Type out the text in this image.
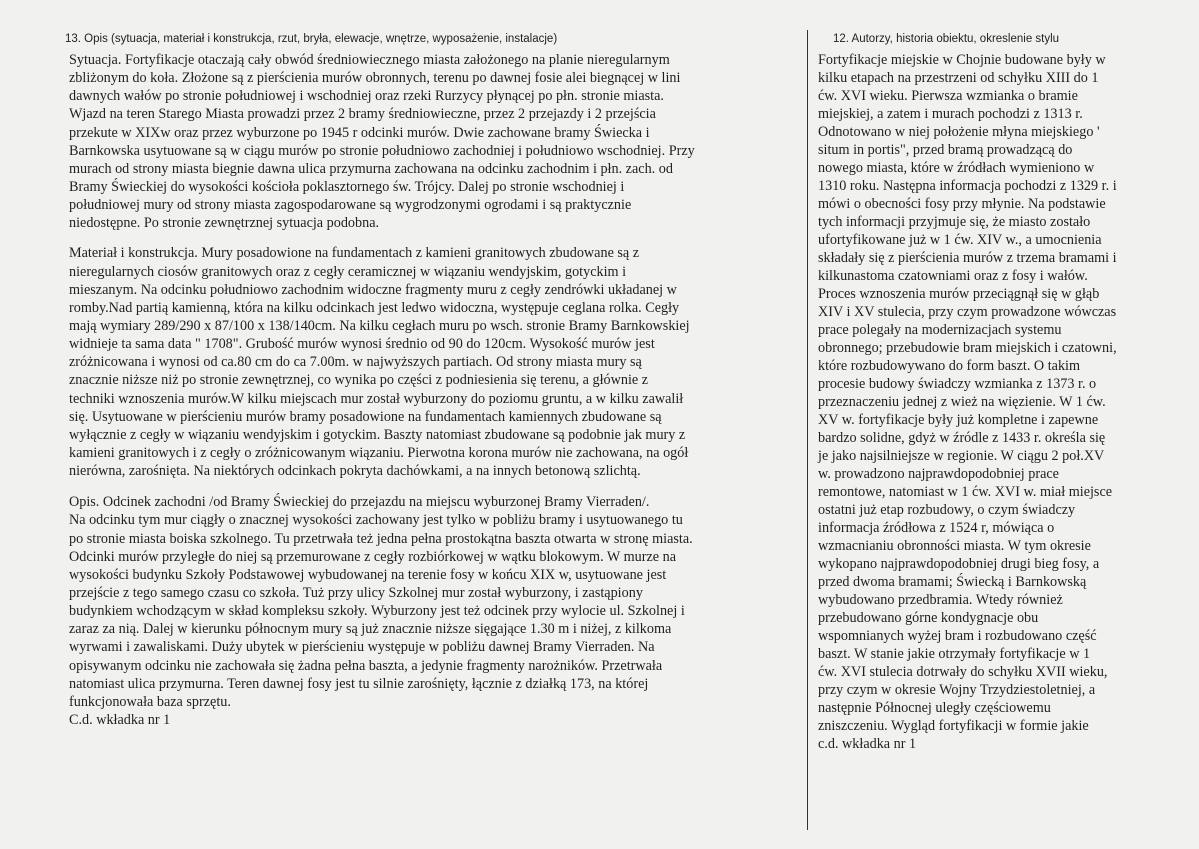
13. Opis (sytuacja, materiał i konstrukcja, rzut, bryła, elewacje, wnętrze, wyposażenie, instalacje)	12. Autorzy, historia obiektu, okreslenie stylu
Sytuacja. Fortyfikacje otaczają cały obwód średniowiecznego miasta założonego na planie nieregularnym
zbliżonym do koła. Złożone są z pierścienia murów obronnych, terenu po dawnej fosie alei biegnącej w lini
dawnych wałów po stronie południowej i wschodniej oraz rzeki Rurzycy płynącej po płn. stronie miasta.
Wjazd na teren Starego Miasta prowadzi przez 2 bramy średniowieczne, przez 2 przejazdy i 2 przejścia
przekute w XIXw oraz przez wyburzone po 1945 r odcinki murów. Dwie zachowane bramy Świecka i
Barnkowska usytuowane są w ciągu murów po stronie południowo zachodniej i południowo wschodniej. Przy
murach od strony miasta biegnie dawna ulica przymurna zachowana na odcinku zachodnim i płn. zach. od
Bramy Świeckiej do wysokości kościoła poklasztornego św. Trójcy. Dalej po stronie wschodniej i
południowej mury od strony miasta zagospodarowane są wygrodzonymi ogrodami i są praktycznie
niedostępne. Po stronie zewnętrznej sytuacja podobna.
Materiał i konstrukcja. Mury posadowione na fundamentach z kamieni granitowych zbudowane są z
nieregularnych ciosów granitowych oraz z cegły ceramicznej w wiązaniu wendyjskim, gotyckim i
mieszanym. Na odcinku południowo zachodnim widoczne fragmenty muru z cegły zendrówki układanej w
romby.Nad partią kamienną, która na kilku odcinkach jest ledwo widoczna, występuje ceglana rolka. Cegły
mają wymiary 289/290 x 87/100 x 138/140cm. Na kilku cegłach muru po wsch. stronie Bramy Barnkowskiej
widnieje ta sama data " 1708". Grubość murów wynosi średnio od 90 do 120cm. Wysokość murów jest
zróżnicowana i wynosi od ca.80 cm do ca 7.00m. w najwyższych partiach. Od strony miasta mury są
znacznie niższe niż po stronie zewnętrznej, co wynika po części z podniesienia się terenu, a głównie z
techniki wznoszenia murów.W kilku miejscach mur został wyburzony do poziomu gruntu, a w kilku zawalił
się. Usytuowane w pierścieniu murów bramy posadowione na fundamentach kamiennych zbudowane są
wyłącznie z cegły w wiązaniu wendyjskim i gotyckim. Baszty natomiast zbudowane są podobnie jak mury z
kamieni granitowych i z cegły o zróżnicowanym wiązaniu. Pierwotna korona murów nie zachowana, na ogół
nierówna, zarośnięta. Na niektórych odcinkach pokryta dachówkami, a na innych betonową szlichtą.
Opis. Odcinek zachodni /od Bramy Świeckiej do przejazdu na miejscu wyburzonej Bramy Vierraden/.
Na odcinku tym mur ciągły o znacznej wysokości zachowany jest tylko w pobliżu bramy i usytuowanego tu
po stronie miasta boiska szkolnego. Tu przetrwała też jedna pełna prostokątna baszta otwarta w stronę miasta.
Odcinki murów przyległe do niej są przemurowane z cegły rozbiórkowej w wątku blokowym. W murze na
wysokości budynku Szkoły Podstawowej wybudowanej na terenie fosy w końcu XIX w, usytuowane jest
przejście z tego samego czasu co szkoła. Tuż przy ulicy Szkolnej mur został wyburzony, i zastąpiony
budynkiem wchodzącym w skład kompleksu szkoły. Wyburzony jest też odcinek przy wylocie ul. Szkolnej i
zaraz za nią. Dalej w kierunku północnym mury są już znacznie niższe sięgające 1.30 m i niżej, z kilkoma
wyrwami i zawaliskami. Duży ubytek w pierścieniu występuje w pobliżu dawnej Bramy Vierraden. Na
opisywanym odcinku nie zachowała się żadna pełna baszta, a jedynie fragmenty narożników. Przetrwała
natomiast ulica przymurna. Teren dawnej fosy jest tu silnie zarośnięty, łącznie z działką 173, na której
funkcjonowała baza sprzętu.
C.d. wkładka nr 1
Fortyfikacje miejskie w Chojnie budowane były w
kilku etapach na przestrzeni od schyłku XIII do 1
ćw. XVI wieku. Pierwsza wzmianka o bramie
miejskiej, a zatem i murach pochodzi z 1313 r.
Odnotowano w niej położenie młyna miejskiego '
situm in portis", przed bramą prowadzącą do
nowego miasta, które w źródłach wymieniono w
1310 roku. Następna informacja pochodzi z 1329 r. i
mówi o obecności fosy przy młynie. Na podstawie
tych informacji przyjmuje się, że miasto zostało
ufortyfikowane już w 1 ćw. XIV w., a umocnienia
składały się z pierścienia murów z trzema bramami i
kilkunastoma czatowniami oraz z fosy i wałów.
Proces wznoszenia murów przeciągnął się w głąb
XIV i XV stulecia, przy czym prowadzone wówczas
prace polegały na modernizacjach systemu
obronnego; przebudowie bram miejskich i czatowni,
które rozbudowywano do form baszt. O takim
procesie budowy świadczy wzmianka z 1373 r. o
przeznaczeniu jednej z wież na więzienie. W 1 ćw.
XV w. fortyfikacje były już kompletne i zapewne
bardzo solidne, gdyż w źródle z 1433 r. określa się
je jako najsilniejsze w regionie. W ciągu 2 poł.XV
w. prowadzono najprawdopodobniej prace
remontowe, natomiast w 1 ćw. XVI w. miał miejsce
ostatni już etap rozbudowy, o czym świadczy
informacja źródłowa z 1524 r, mówiąca o
wzmacnianiu obronności miasta. W tym okresie
wykopano najprawdopodobniej drugi bieg fosy, a
przed dwoma bramami; Świecką i Barnkowską
wybudowano przedbramia. Wtedy również
przebudowano górne kondygnacje obu
wspomnianych wyżej bram i rozbudowano część
baszt. W stanie jakie otrzymały fortyfikacje w 1
ćw. XVI stulecia dotrwały do schyłku XVII wieku,
przy czym w okresie Wojny Trzydziestoletniej, a
następnie Północnej uległy częściowemu
zniszczeniu. Wygląd fortyfikacji w formie jakie
c.d. wkładka nr 1
